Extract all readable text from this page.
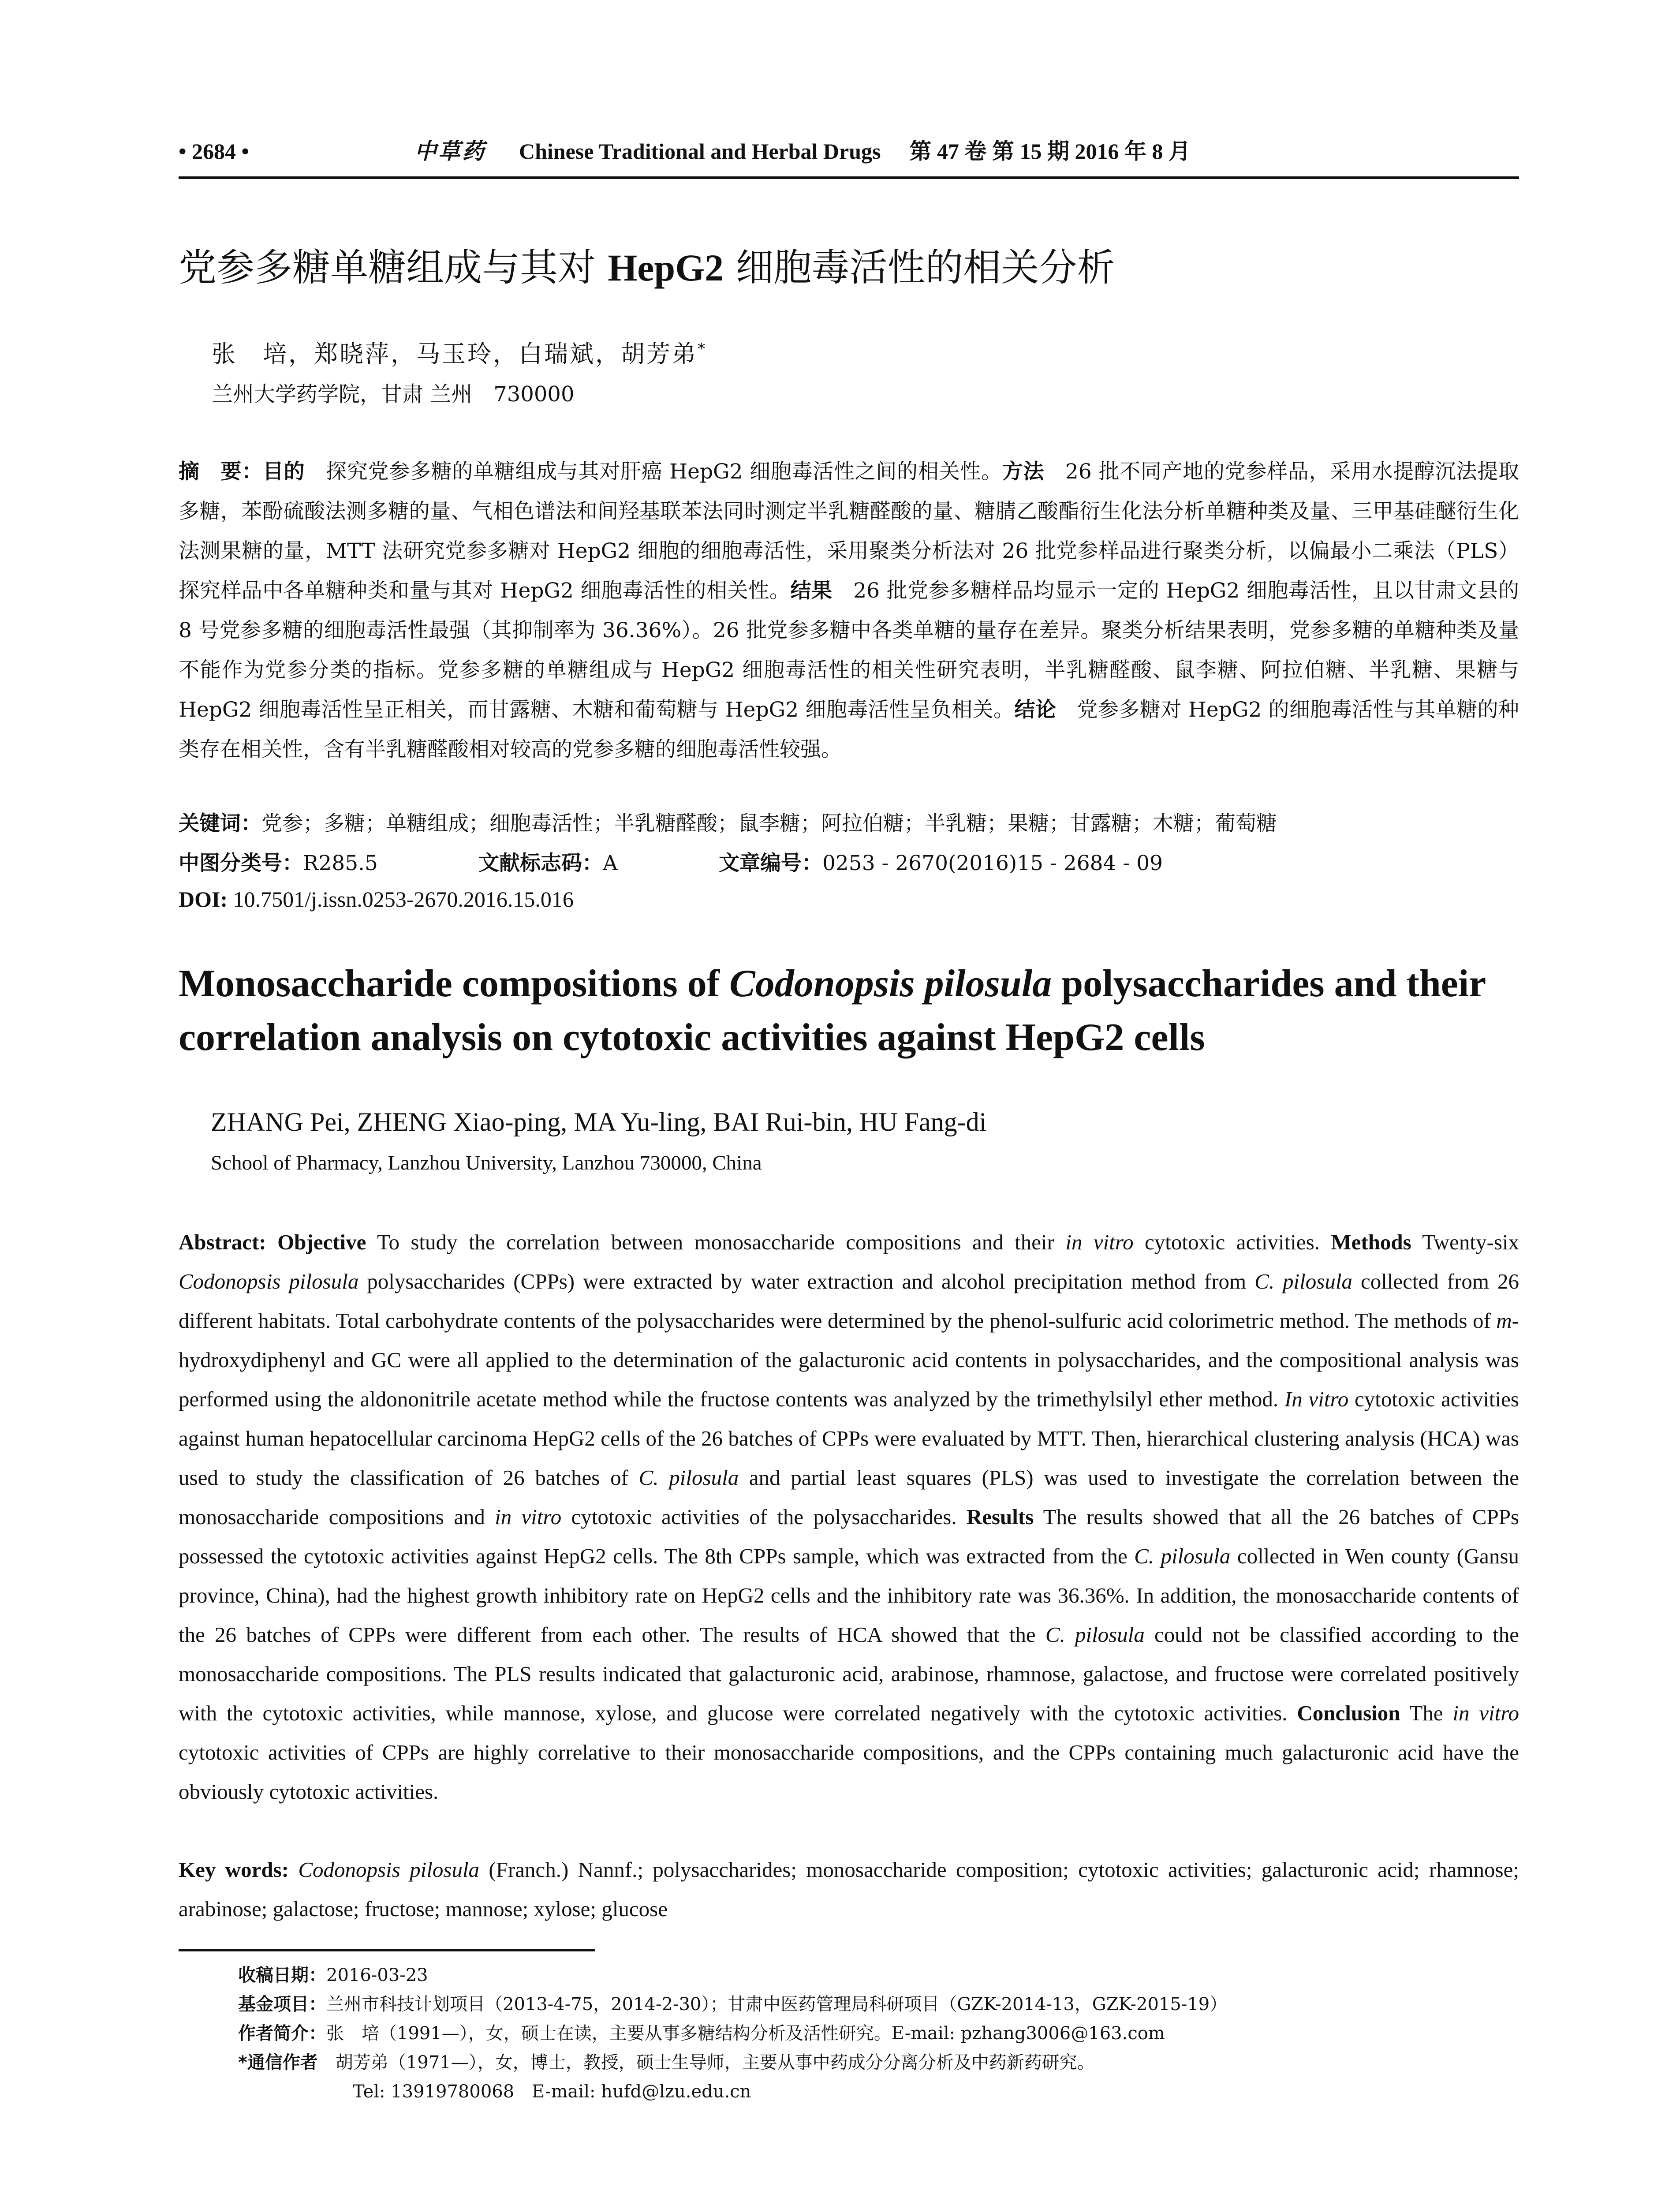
• 2684 •	中草药 Chinese Traditional and Herbal Drugs 第 47 卷 第 15 期 2016 年 8 月
党参多糖单糖组成与其对 HepG2 细胞毒活性的相关分析
张　培，郑晓萍，马玉玲，白瑞斌，胡芳弟*
兰州大学药学院，甘肃 兰州　730000
摘　要：目的　探究党参多糖的单糖组成与其对肝癌 HepG2 细胞毒活性之间的相关性。方法　26 批不同产地的党参样品，采用水提醇沉法提取多糖，苯酚硫酸法测多糖的量、气相色谱法和间羟基联苯法同时测定半乳糖醛酸的量、糖腈乙酸酯衍生化法分析单糖种类及量、三甲基硅醚衍生化法测果糖的量，MTT 法研究党参多糖对 HepG2 细胞的细胞毒活性，采用聚类分析法对 26 批党参样品进行聚类分析，以偏最小二乘法（PLS）探究样品中各单糖种类和量与其对 HepG2 细胞毒活性的相关性。结果　26 批党参多糖样品均显示一定的 HepG2 细胞毒活性，且以甘肃文县的 8 号党参多糖的细胞毒活性最强（其抑制率为 36.36%）。26 批党参多糖中各类单糖的量存在差异。聚类分析结果表明，党参多糖的单糖种类及量不能作为党参分类的指标。党参多糖的单糖组成与 HepG2 细胞毒活性的相关性研究表明，半乳糖醛酸、鼠李糖、阿拉伯糖、半乳糖、果糖与 HepG2 细胞毒活性呈正相关，而甘露糖、木糖和葡萄糖与 HepG2 细胞毒活性呈负相关。结论　党参多糖对 HepG2 的细胞毒活性与其单糖的种类存在相关性，含有半乳糖醛酸相对较高的党参多糖的细胞毒活性较强。
关键词：党参；多糖；单糖组成；细胞毒活性；半乳糖醛酸；鼠李糖；阿拉伯糖；半乳糖；果糖；甘露糖；木糖；葡萄糖
中图分类号：R285.5	文献标志码：A	文章编号：0253 - 2670(2016)15 - 2684 - 09
DOI: 10.7501/j.issn.0253-2670.2016.15.016
Monosaccharide compositions of Codonopsis pilosula polysaccharides and their correlation analysis on cytotoxic activities against HepG2 cells
ZHANG Pei, ZHENG Xiao-ping, MA Yu-ling, BAI Rui-bin, HU Fang-di
School of Pharmacy, Lanzhou University, Lanzhou 730000, China
Abstract: Objective To study the correlation between monosaccharide compositions and their in vitro cytotoxic activities. Methods Twenty-six Codonopsis pilosula polysaccharides (CPPs) were extracted by water extraction and alcohol precipitation method from C. pilosula collected from 26 different habitats. Total carbohydrate contents of the polysaccharides were determined by the phenol-sulfuric acid colorimetric method. The methods of m-hydroxydiphenyl and GC were all applied to the determination of the galacturonic acid contents in polysaccharides, and the compositional analysis was performed using the aldononitrile acetate method while the fructose contents was analyzed by the trimethylsilyl ether method. In vitro cytotoxic activities against human hepatocellular carcinoma HepG2 cells of the 26 batches of CPPs were evaluated by MTT. Then, hierarchical clustering analysis (HCA) was used to study the classification of 26 batches of C. pilosula and partial least squares (PLS) was used to investigate the correlation between the monosaccharide compositions and in vitro cytotoxic activities of the polysaccharides. Results The results showed that all the 26 batches of CPPs possessed the cytotoxic activities against HepG2 cells. The 8th CPPs sample, which was extracted from the C. pilosula collected in Wen county (Gansu province, China), had the highest growth inhibitory rate on HepG2 cells and the inhibitory rate was 36.36%. In addition, the monosaccharide contents of the 26 batches of CPPs were different from each other. The results of HCA showed that the C. pilosula could not be classified according to the monosaccharide compositions. The PLS results indicated that galacturonic acid, arabinose, rhamnose, galactose, and fructose were correlated positively with the cytotoxic activities, while mannose, xylose, and glucose were correlated negatively with the cytotoxic activities. Conclusion The in vitro cytotoxic activities of CPPs are highly correlative to their monosaccharide compositions, and the CPPs containing much galacturonic acid have the obviously cytotoxic activities.
Key words: Codonopsis pilosula (Franch.) Nannf.; polysaccharides; monosaccharide composition; cytotoxic activities; galacturonic acid; rhamnose; arabinose; galactose; fructose; mannose; xylose; glucose
收稿日期：2016-03-23
基金项目：兰州市科技计划项目（2013-4-75，2014-2-30）；甘肃中医药管理局科研项目（GZK-2014-13，GZK-2015-19）
作者简介：张　培（1991—），女，硕士在读，主要从事多糖结构分析及活性研究。E-mail: pzhang3006@163.com
*通信作者　胡芳弟（1971—），女，博士，教授，硕士生导师，主要从事中药成分分离分析及中药新药研究。
Tel: 13919780068　E-mail: hufd@lzu.edu.cn
